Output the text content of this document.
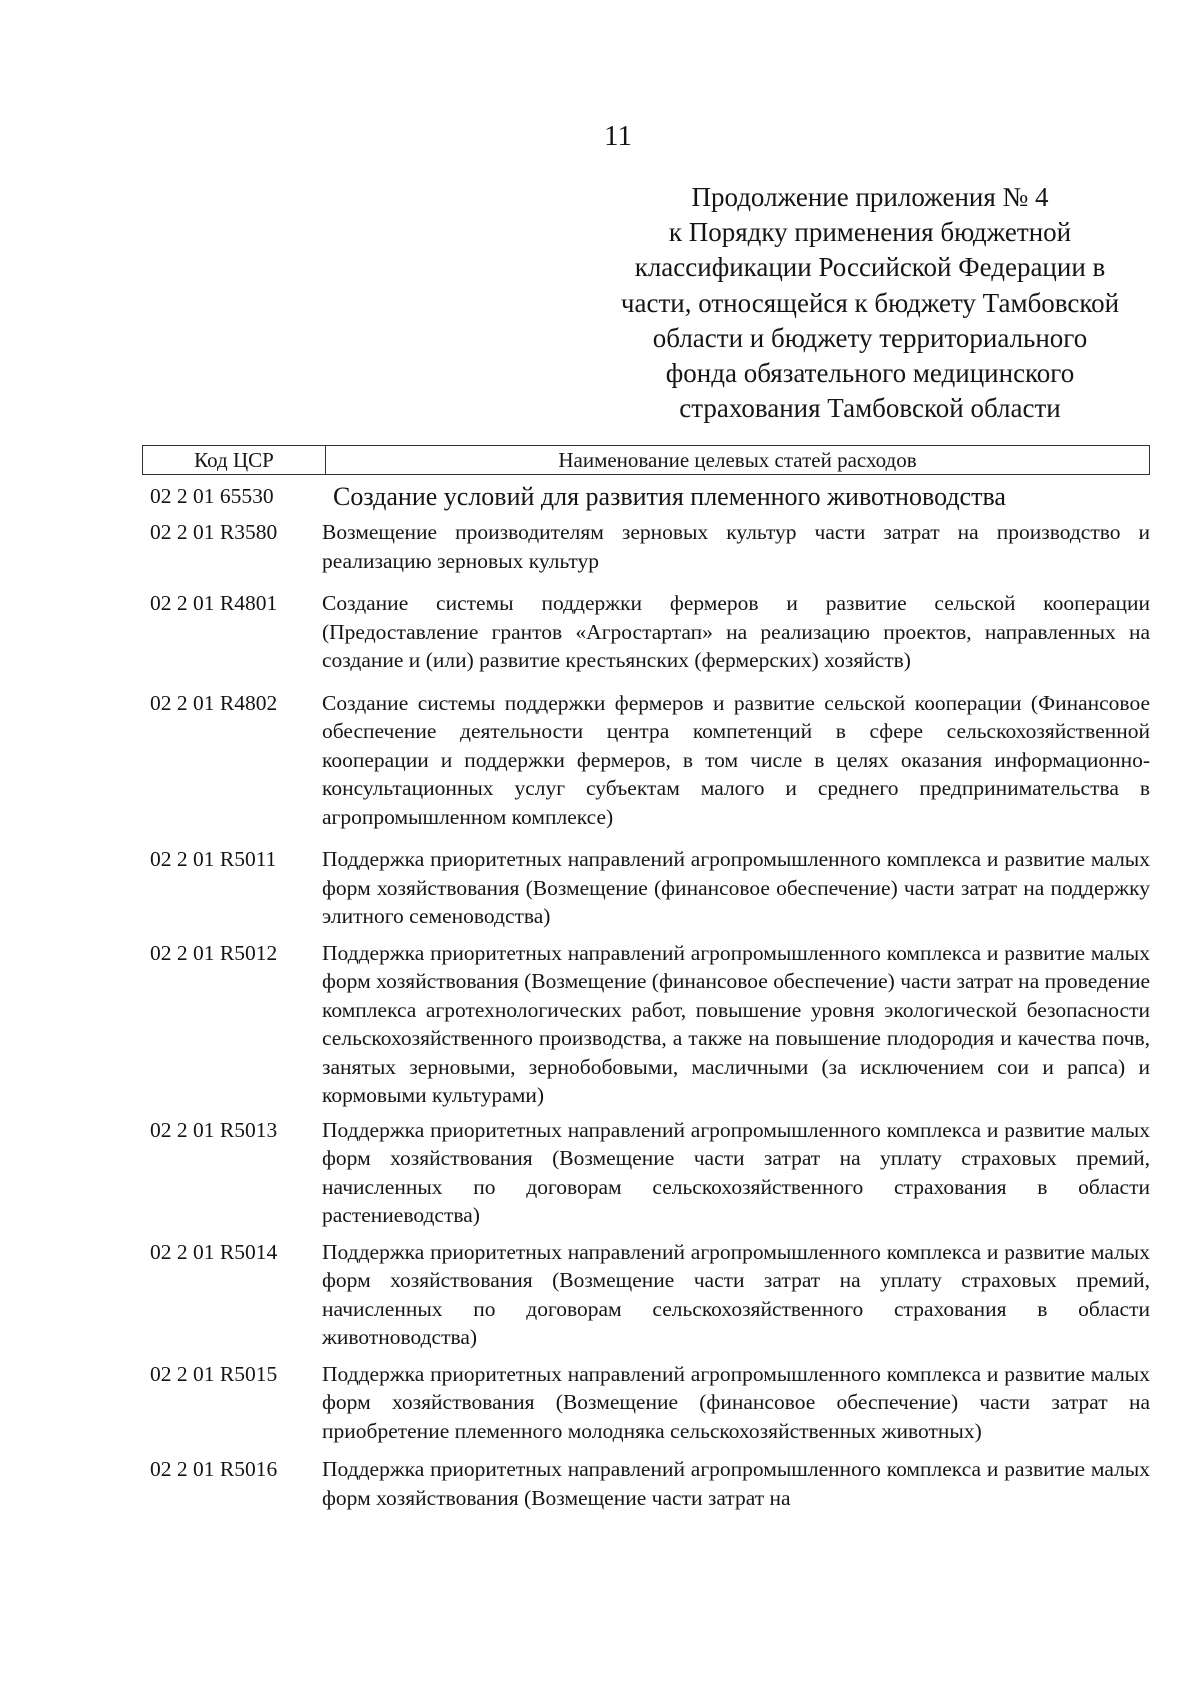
11
Продолжение приложения № 4
к Порядку применения бюджетной
классификации Российской Федерации в
части, относящейся к бюджету Тамбовской
области и бюджету территориального
фонда обязательного медицинского
страхования Тамбовской области
Код ЦСР	Наименование целевых статей расходов
02 2 01 65530	Создание условий для развития племенного животноводства
02 2 01 R3580	Возмещение производителям зерновых культур части затрат на производство и реализацию зерновых культур
02 2 01 R4801	Создание системы поддержки фермеров и развитие сельской кооперации (Предоставление грантов «Агростартап» на реализацию проектов, направленных на создание и (или) развитие крестьянских (фермерских) хозяйств)
02 2 01 R4802	Создание системы поддержки фермеров и развитие сельской кооперации (Финансовое обеспечение деятельности центра компетенций в сфере сельскохозяйственной кооперации и поддержки фермеров, в том числе в целях оказания информационно-консультационных услуг субъектам малого и среднего предпринимательства в агропромышленном комплексе)
02 2 01 R5011	Поддержка приоритетных направлений агропромышленного комплекса и развитие малых форм хозяйствования (Возмещение (финансовое обеспечение) части затрат на поддержку элитного семеноводства)
02 2 01 R5012	Поддержка приоритетных направлений агропромышленного комплекса и развитие малых форм хозяйствования (Возмещение (финансовое обеспечение) части затрат на проведение комплекса агротехнологических работ, повышение уровня экологической безопасности сельскохозяйственного производства, а также на повышение плодородия и качества почв, занятых зерновыми, зернобобовыми, масличными (за исключением сои и рапса) и кормовыми культурами)
02 2 01 R5013	Поддержка приоритетных направлений агропромышленного комплекса и развитие малых форм хозяйствования (Возмещение части затрат на уплату страховых премий, начисленных по договорам сельскохозяйственного страхования в области растениеводства)
02 2 01 R5014	Поддержка приоритетных направлений агропромышленного комплекса и развитие малых форм хозяйствования (Возмещение части затрат на уплату страховых премий, начисленных по договорам сельскохозяйственного страхования в области животноводства)
02 2 01 R5015	Поддержка приоритетных направлений агропромышленного комплекса и развитие малых форм хозяйствования (Возмещение (финансовое обеспечение) части затрат на приобретение племенного молодняка сельскохозяйственных животных)
02 2 01 R5016	Поддержка приоритетных направлений агропромышленного комплекса и развитие малых форм хозяйствования (Возмещение части затрат на
